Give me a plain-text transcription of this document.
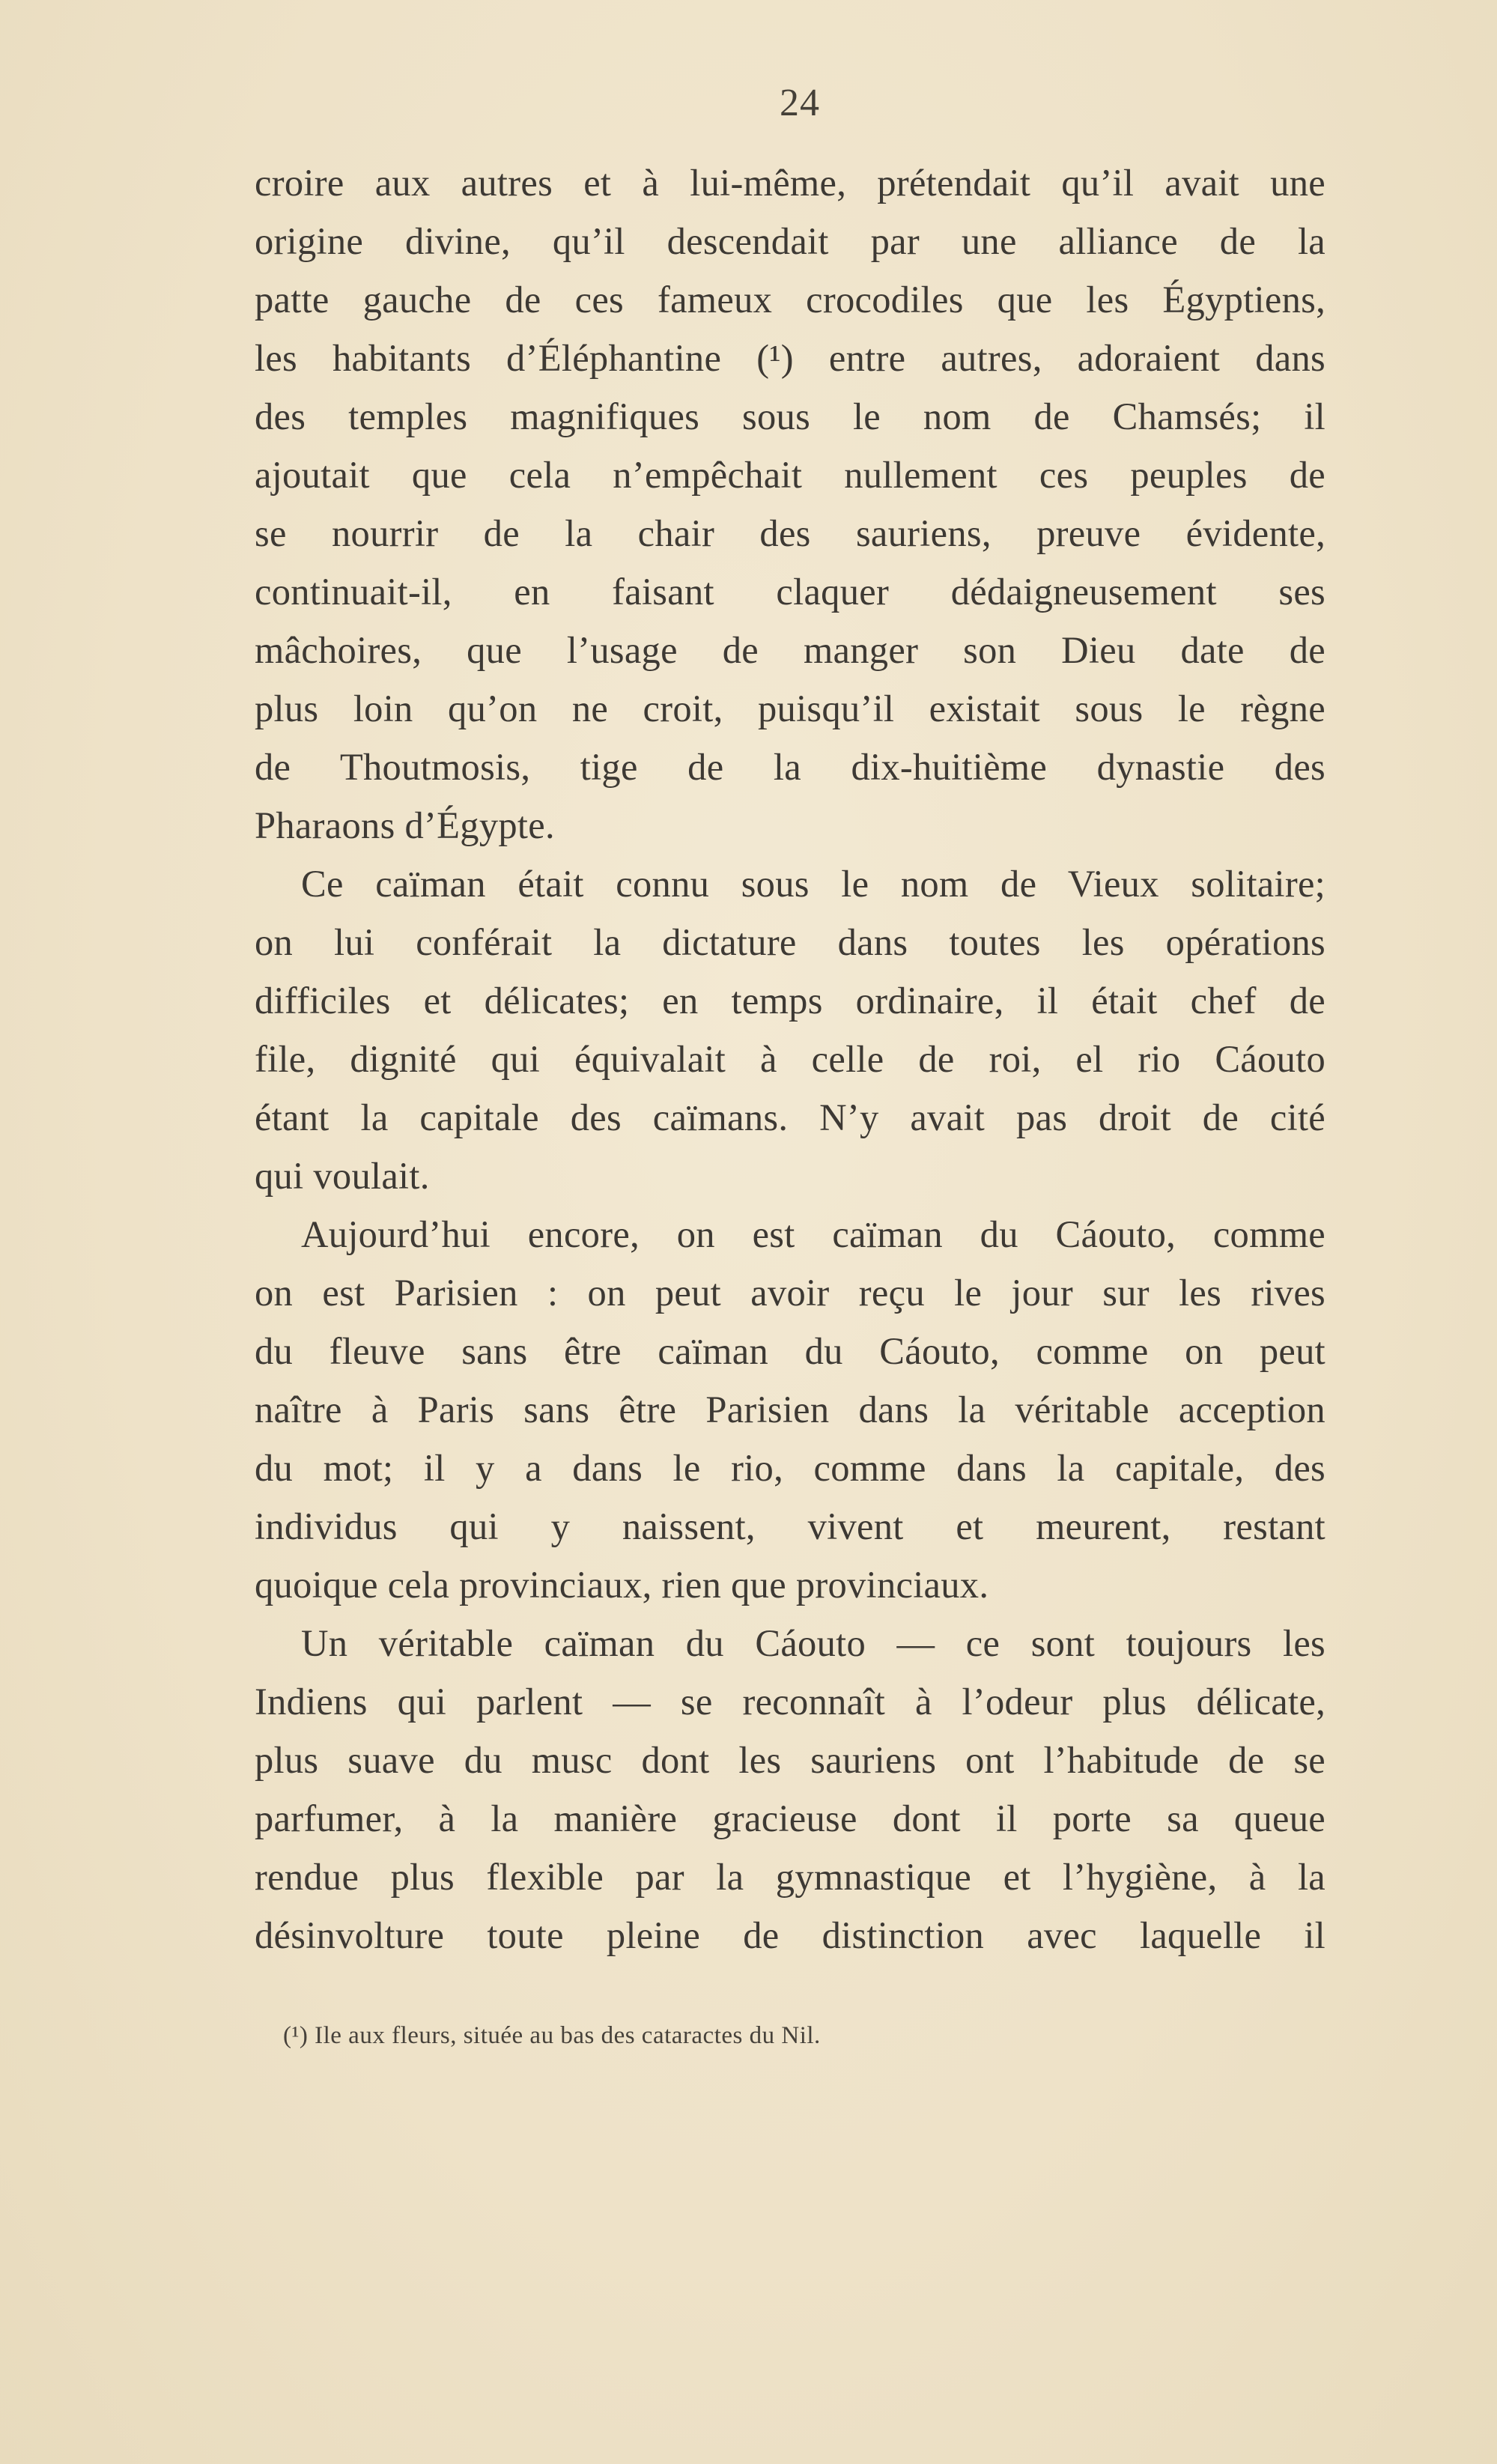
24
croire aux autres et à lui-même, prétendait qu’il avait une
origine divine, qu’il descendait par une alliance de la
patte gauche de ces fameux crocodiles que les Égyptiens,
les habitants d’Éléphantine (¹) entre autres, adoraient dans
des temples magnifiques sous le nom de Chamsés; il
ajoutait que cela n’empêchait nullement ces peuples de
se nourrir de la chair des sauriens, preuve évidente,
continuait-il, en faisant claquer dédaigneusement ses
mâchoires, que l’usage de manger son Dieu date de
plus loin qu’on ne croit, puisqu’il existait sous le règne
de Thoutmosis, tige de la dix-huitième dynastie des
Pharaons d’Égypte.
Ce caïman était connu sous le nom de Vieux solitaire;
on lui conférait la dictature dans toutes les opérations
difficiles et délicates; en temps ordinaire, il était chef de
file, dignité qui équivalait à celle de roi, el rio Cáouto
étant la capitale des caïmans. N’y avait pas droit de cité
qui voulait.
Aujourd’hui encore, on est caïman du Cáouto, comme
on est Parisien : on peut avoir reçu le jour sur les rives
du fleuve sans être caïman du Cáouto, comme on peut
naître à Paris sans être Parisien dans la véritable acception
du mot; il y a dans le rio, comme dans la capitale, des
individus qui y naissent, vivent et meurent, restant
quoique cela provinciaux, rien que provinciaux.
Un véritable caïman du Cáouto — ce sont toujours les
Indiens qui parlent — se reconnaît à l’odeur plus délicate,
plus suave du musc dont les sauriens ont l’habitude de se
parfumer, à la manière gracieuse dont il porte sa queue
rendue plus flexible par la gymnastique et l’hygiène, à la
désinvolture toute pleine de distinction avec laquelle il
(¹) Ile aux fleurs, située au bas des cataractes du Nil.
